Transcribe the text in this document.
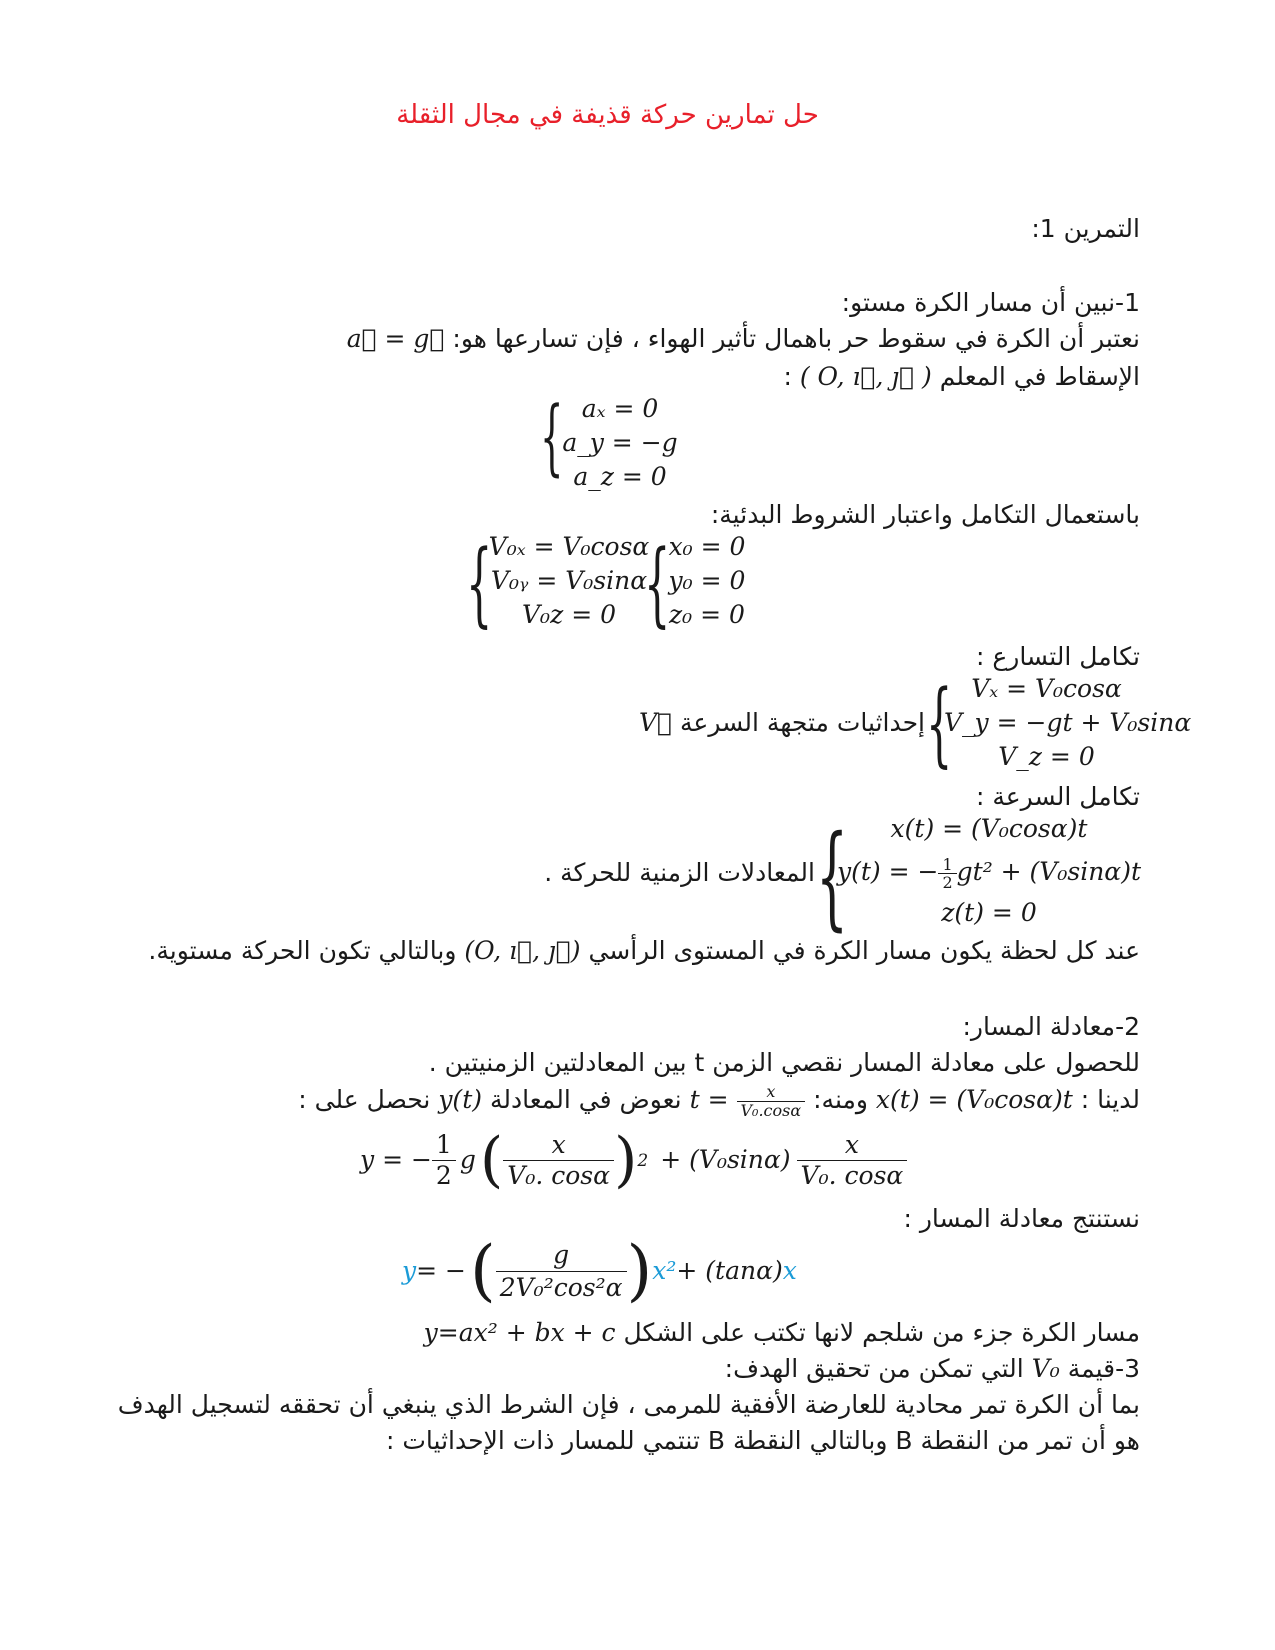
حل تمارين حركة قذيفة في مجال الثقلة
التمرين 1:
1-نبين أن مسار الكرة مستو:
نعتبر أن الكرة في سقوط حر باهمال تأثير الهواء ، فإن تسارعها هو: a⃗ = g⃗
الإسقاط في المعلم ( O, ı⃗, ȷ⃗ ) :
{ aₓ = 0
a_y = −g
a_z = 0
باستعمال التكامل واعتبار الشروط البدئية:
{
V₀ₓ = V₀cosα
V₀ᵧ = V₀sinα
V₀z = 0 {
x₀ = 0
y₀ = 0
z₀ = 0
تكامل التسارع :
إحداثيات متجهة السرعة V⃗	{ Vₓ = V₀cosα
V_y = −gt + V₀sinα
V_z = 0
تكامل السرعة :
المعادلات الزمنية للحركة . {	x(t) = (V₀cosα)t
y(t) = − $\frac{1}{2} gt^2 + (V_0\sin\alpha)t$
z(t) = 0
عند كل لحظة يكون مسار الكرة في المستوى الرأسي (O, ı⃗, ȷ⃗) وبالتالي تكون الحركة مستوية.
2-معادلة المسار:
للحصول على معادلة المسار نقصي الزمن t بين المعادلتين الزمنيتين .
لدينا : x(t) = (V₀cosα)t ومنه: $t = \frac{x}{\text{V₀.cosα}}$
نعوض في المعادلة y(t) نحصل على :
y = − $\frac{1}{2}$ g ( $\frac{x}{\text{V₀. cosα}}$ ) $2 + (V_0\sin\alpha) \frac{x}{\text{V₀. cosα}}$
نستنتج معادلة المسار :
y = − ( $\frac{g}{\text{2V₀²cos²α}}$ ) x² + (tanα) x
مسار الكرة جزء من شلجم لانها تكتب على الشكل y=ax² + bx + c
3-قيمة V₀ التي تمكن من تحقيق الهدف:
بما أن الكرة تمر محادية للعارضة الأفقية للمرمى ، فإن الشرط الذي ينبغي أن تحققه لتسجيل الهدف
هو أن تمر من النقطة B وبالتالي النقطة B تنتمي للمسار ذات الإحداثيات :
